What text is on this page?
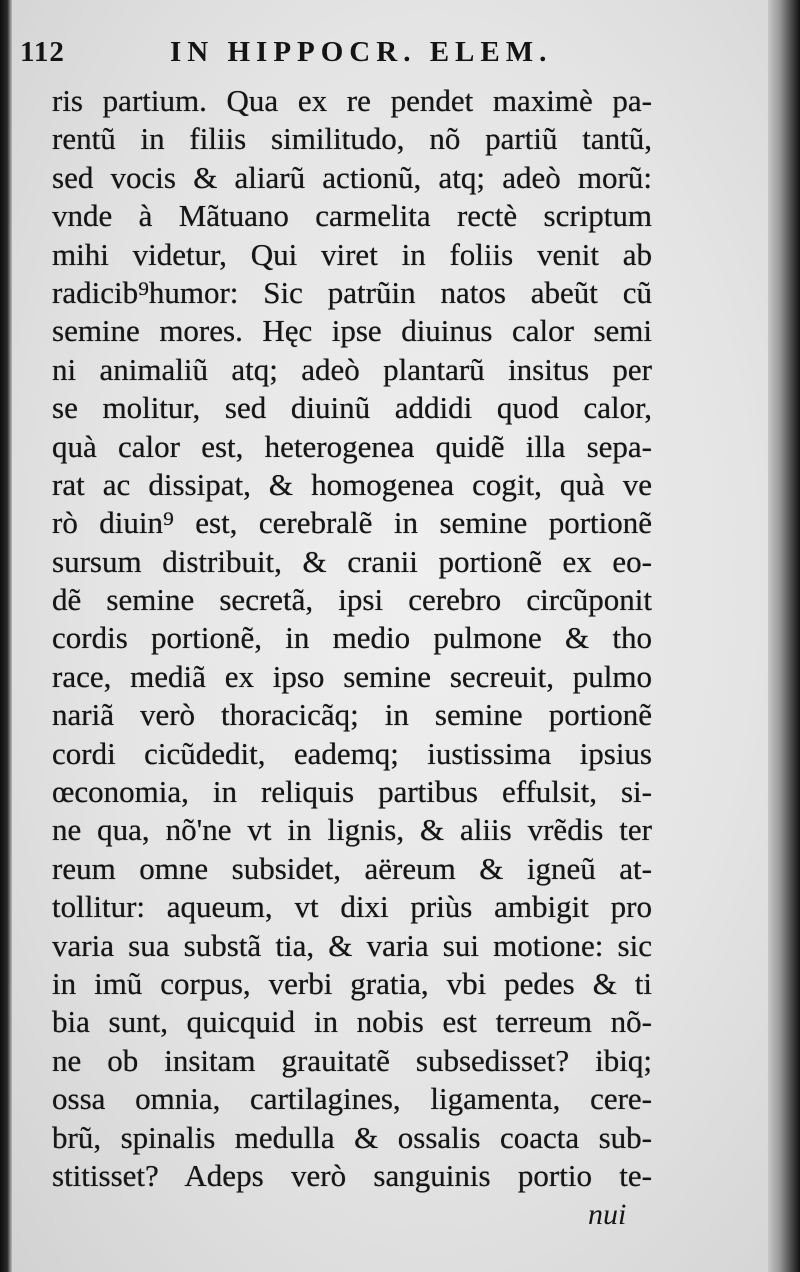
112	IN HIPPOCR. ELEM.
ris partium. Qua ex re pendet maximè pa-
rentũ in filiis similitudo, nõ partiũ tantũ,
sed vocis & aliarũ actionũ, atq; adeò morũ:
vnde à Mãtuano carmelita rectè scriptum
mihi videtur, Qui viret in foliis venit ab
radicib⁹humor: Sic patrũin natos abeũt cũ
semine mores. Hęc ipse diuinus calor semi
ni animaliũ atq; adeò plantarũ insitus per
se molitur, sed diuinũ addidi quod calor,
quà calor est, heterogenea quidẽ illa sepa-
rat ac dissipat, & homogenea cogit, quà ve
rò diuin⁹ est, cerebralẽ in semine portionẽ
sursum distribuit, & cranii portionẽ ex eo-
dẽ semine secretã, ipsi cerebro circũponit
cordis portionẽ, in medio pulmone & tho
race, mediã ex ipso semine secreuit, pulmo
nariã verò thoracicãq; in semine portionẽ
cordi cicũdedit, eademq; iustissima ipsius
œconomia, in reliquis partibus effulsit, si-
ne qua, nõ'ne vt in lignis, & aliis vrẽdis ter
reum omne subsidet, aëreum & igneũ at-
tollitur: aqueum, vt dixi priùs ambigit pro
varia sua substã tia, & varia sui motione: sic
in imũ corpus, verbi gratia, vbi pedes & ti
bia sunt, quicquid in nobis est terreum nõ-
ne ob insitam grauitatẽ subsedisset? ibiq;
ossa omnia, cartilagines, ligamenta, cere-
brũ, spinalis medulla & ossalis coacta sub-
stitisset? Adeps verò sanguinis portio te-
nui
